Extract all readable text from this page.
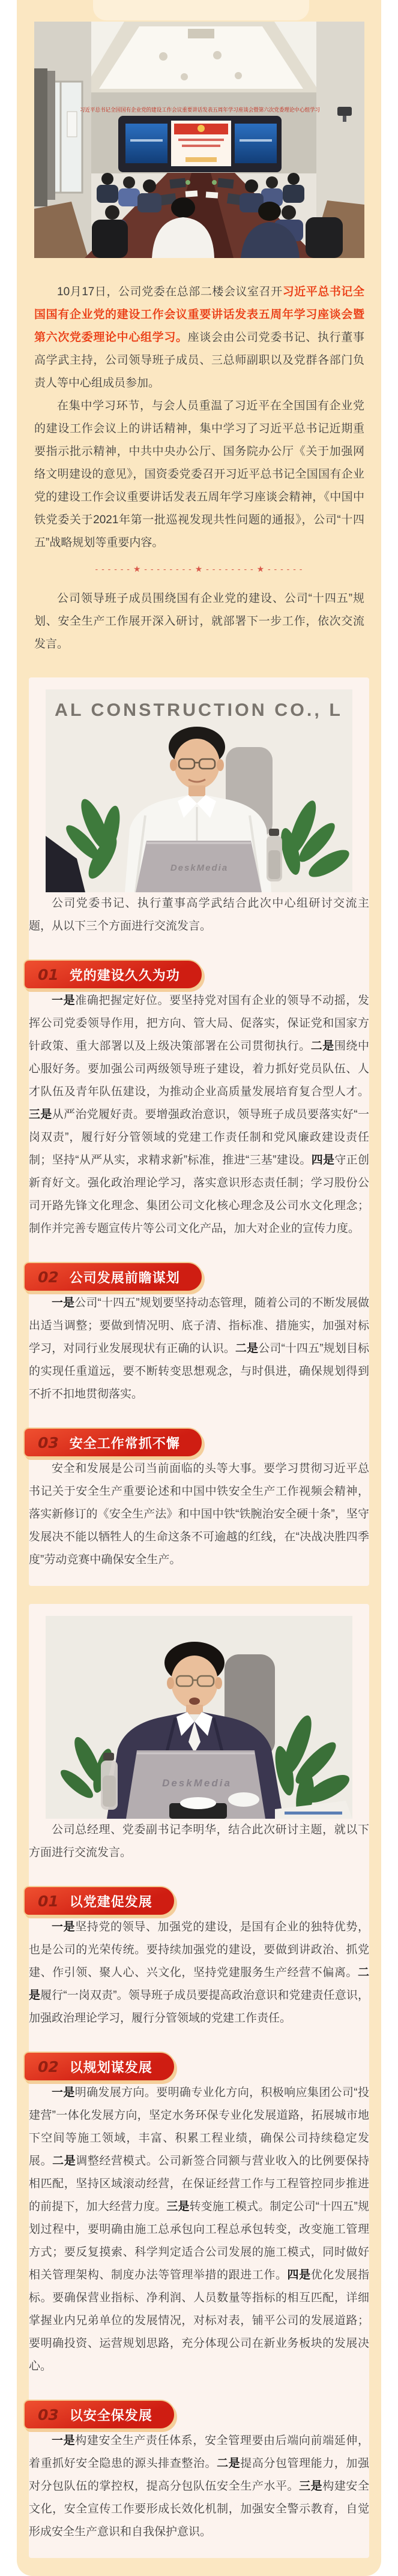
习近平总书记全国国有企业党的建设工作会议重要讲话发表五周年学习座谈会暨第六次党委理论中心组学习

10月17日，公司党委在总部二楼会议室召开习近平总书记全国国有企业党的建设工作会议重要讲话发表五周年学习座谈会暨第六次党委理论中心组学习。座谈会由公司党委书记、执行董事高学武主持，公司领导班子成员、三总师副职以及党群各部门负责人等中心组成员参加。

在集中学习环节，与会人员重温了习近平在全国国有企业党的建设工作会议上的讲话精神，集中学习了习近平总书记近期重要指示批示精神，中共中央办公厅、国务院办公厅《关于加强网络文明建设的意见》，国资委党委召开习近平总书记全国国有企业党的建设工作会议重要讲话发表五周年学习座谈会精神，《中国中铁党委关于2021年第一批巡视发现共性问题的通报》，公司“十四五”战略规划等重要内容。

- - - - - - ★ - - - - - - - - ★ - - - - - - - - ★ - - - - - -

公司领导班子成员围绕国有企业党的建设、公司“十四五”规划、安全生产工作展开深入研讨，就部署下一步工作，依次交流发言。

AL CONSTRUCTION CO., L
DeskMedia

公司党委书记、执行董事高学武结合此次中心组研讨交流主题，从以下三个方面进行交流发言。

01 党的建设久久为功

一是准确把握定好位。要坚持党对国有企业的领导不动摇，发挥公司党委领导作用，把方向、管大局、促落实，保证党和国家方针政策、重大部署以及上级决策部署在公司贯彻执行。二是围绕中心服好务。要加强公司两级领导班子建设，着力抓好党员队伍、人才队伍及青年队伍建设，为推动企业高质量发展培育复合型人才。三是从严治党履好责。要增强政治意识，领导班子成员要落实好“一岗双责”，履行好分管领域的党建工作责任制和党风廉政建设责任制；坚持“从严从实，求精求新”标准，推进“三基”建设。四是守正创新育好文。强化政治理论学习，落实意识形态责任制；学习股份公司开路先锋文化理念、集团公司文化核心理念及公司水文化理念；制作并完善专题宣传片等公司文化产品，加大对企业的宣传力度。

02 公司发展前瞻谋划

一是公司“十四五”规划要坚持动态管理，随着公司的不断发展做出适当调整；要做到情况明、底子清、指标准、措施实，加强对标学习，对同行业发展现状有正确的认识。二是公司“十四五”规划目标的实现任重道远，要不断转变思想观念，与时俱进，确保规划得到不折不扣地贯彻落实。

03 安全工作常抓不懈

安全和发展是公司当前面临的头等大事。要学习贯彻习近平总书记关于安全生产重要论述和中国中铁安全生产工作视频会精神，落实新修订的《安全生产法》和中国中铁“铁腕治安全硬十条”，坚守发展决不能以牺牲人的生命这条不可逾越的红线，在“决战决胜四季度”劳动竞赛中确保安全生产。

DeskMedia

公司总经理、党委副书记李明华，结合此次研讨主题，就以下方面进行交流发言。

01 以党建促发展

一是坚持党的领导、加强党的建设，是国有企业的独特优势，也是公司的光荣传统。要持续加强党的建设，要做到讲政治、抓党建、作引领、聚人心、兴文化，坚持党建服务生产经营不偏离。二是履行“一岗双责”。领导班子成员要提高政治意识和党建责任意识，加强政治理论学习，履行分管领域的党建工作责任。

02 以规划谋发展

一是明确发展方向。要明确专业化方向，积极响应集团公司“投建营”一体化发展方向，坚定水务环保专业化发展道路，拓展城市地下空间等施工领域，丰富、积累工程业绩，确保公司持续稳定发展。二是调整经营模式。公司新签合同额与营业收入的比例要保持相匹配，坚持区域滚动经营，在保证经营工作与工程管控同步推进的前提下，加大经营力度。三是转变施工模式。制定公司“十四五”规划过程中，要明确由施工总承包向工程总承包转变，改变施工管理方式；要反复摸索、科学判定适合公司发展的施工模式，同时做好相关管理架构、制度办法等管理举措的跟进工作。四是优化发展指标。要确保营业指标、净利润、人员数量等指标的相互匹配，详细掌握业内兄弟单位的发展情况，对标对表，铺平公司的发展道路；要明确投资、运营规划思路，充分体现公司在新业务板块的发展决心。

03 以安全保发展

一是构建安全生产责任体系，安全管理要由后端向前端延伸，着重抓好安全隐患的源头排查整治。二是提高分包管理能力，加强对分包队伍的掌控权，提高分包队伍安全生产水平。三是构建安全文化，安全宣传工作要形成长效化机制，加强安全警示教育，自觉形成安全生产意识和自我保护意识。
